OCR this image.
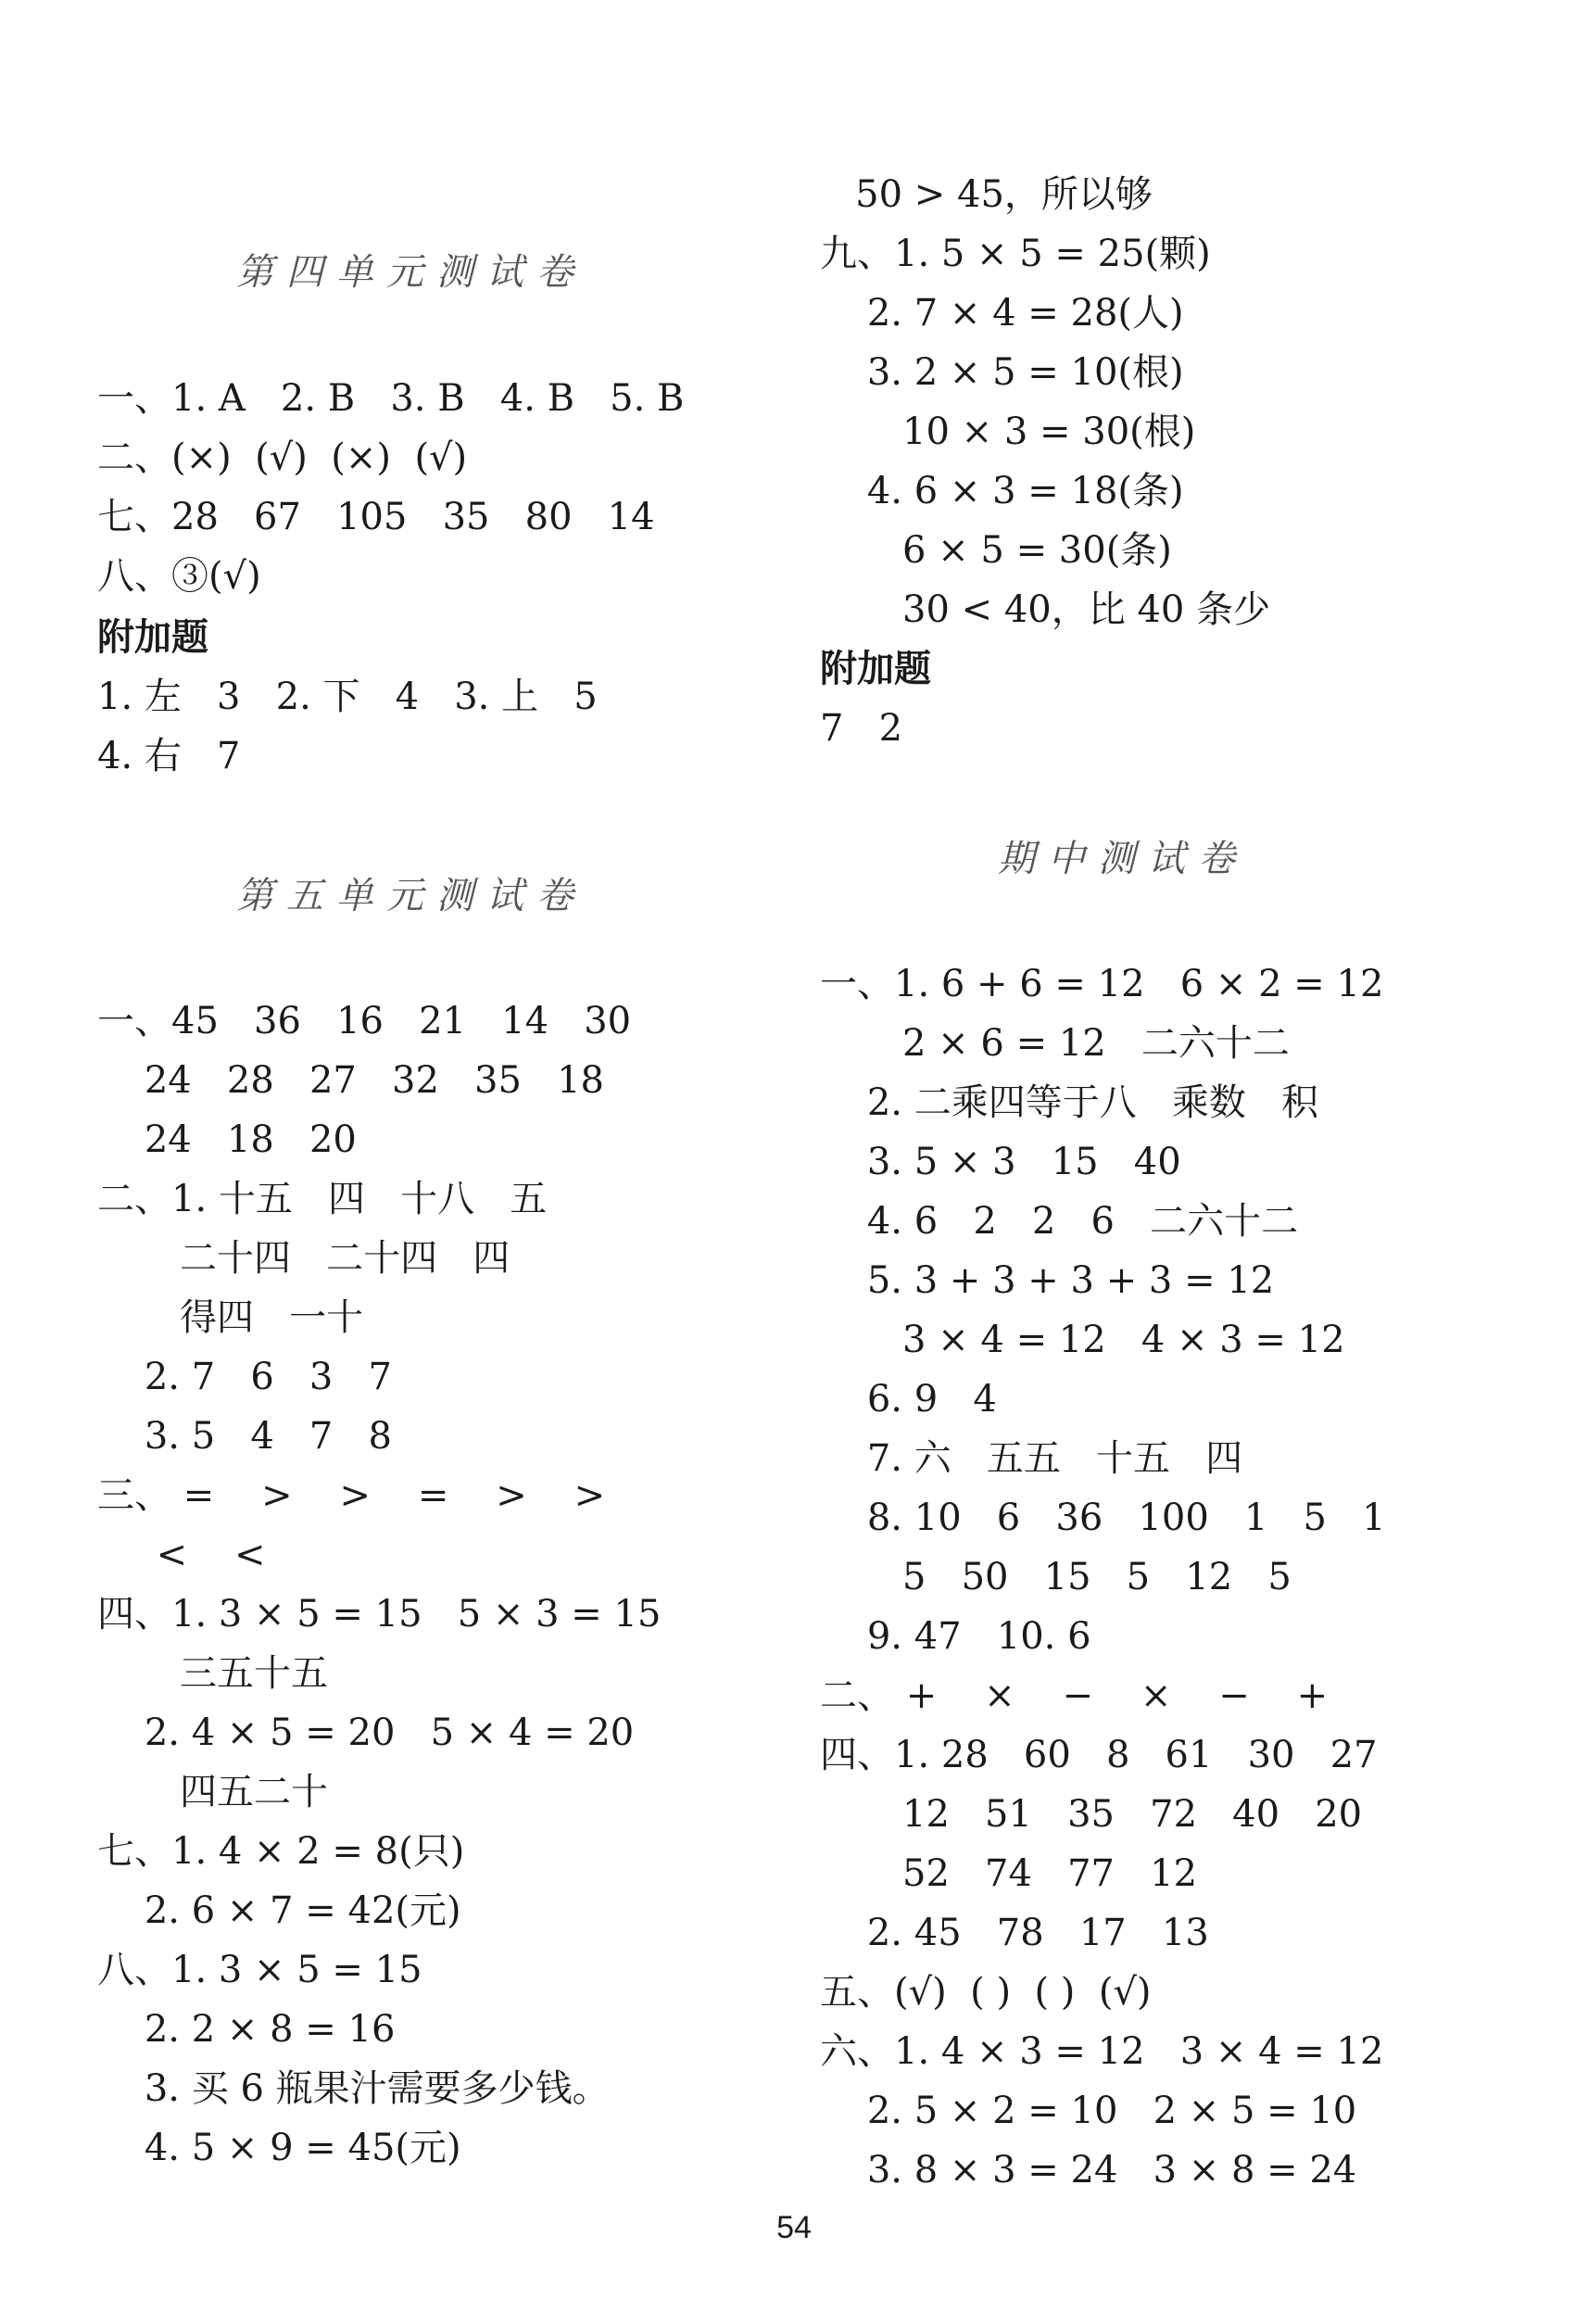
第四单元测试卷
一、1. A   2. B   3. B   4. B   5. B
二、(×)  (√)  (×)  (√)
七、28   67   105   35   80   14
八、③(√)
附加题
1. 左   3   2. 下   4   3. 上   5
4. 右   7
第五单元测试卷
一、45   36   16   21   14   30
24   28   27   32   35   18
24   18   20
二、1. 十五   四   十八   五
二十四   二十四   四
得四   一十
2. 7   6   3   7
3. 5   4   7   8
三、 =    >    >    =    >    >
<    <
四、1. 3 × 5 = 15   5 × 3 = 15
三五十五
2. 4 × 5 = 20   5 × 4 = 20
四五二十
七、1. 4 × 2 = 8(只)
2. 6 × 7 = 42(元)
八、1. 3 × 5 = 15
2. 2 × 8 = 16
3. 买 6 瓶果汁需要多少钱。
4. 5 × 9 = 45(元)
50 > 45，所以够
九、1. 5 × 5 = 25(颗)
2. 7 × 4 = 28(人)
3. 2 × 5 = 10(根)
10 × 3 = 30(根)
4. 6 × 3 = 18(条)
6 × 5 = 30(条)
30 < 40，比 40 条少
附加题
7   2
期中测试卷
一、1. 6 + 6 = 12   6 × 2 = 12
2 × 6 = 12   二六十二
2. 二乘四等于八   乘数   积
3. 5 × 3   15   40
4. 6   2   2   6   二六十二
5. 3 + 3 + 3 + 3 = 12
3 × 4 = 12   4 × 3 = 12
6. 9   4
7. 六   五五   十五   四
8. 10   6   36   100   1   5   1
5   50   15   5   12   5
9. 47   10. 6
二、 +    ×    −    ×    −    +
四、1. 28   60   8   61   30   27
12   51   35   72   40   20
52   74   77   12
2. 45   78   17   13
五、(√)  ( )  ( )  (√)
六、1. 4 × 3 = 12   3 × 4 = 12
2. 5 × 2 = 10   2 × 5 = 10
3. 8 × 3 = 24   3 × 8 = 24
54
